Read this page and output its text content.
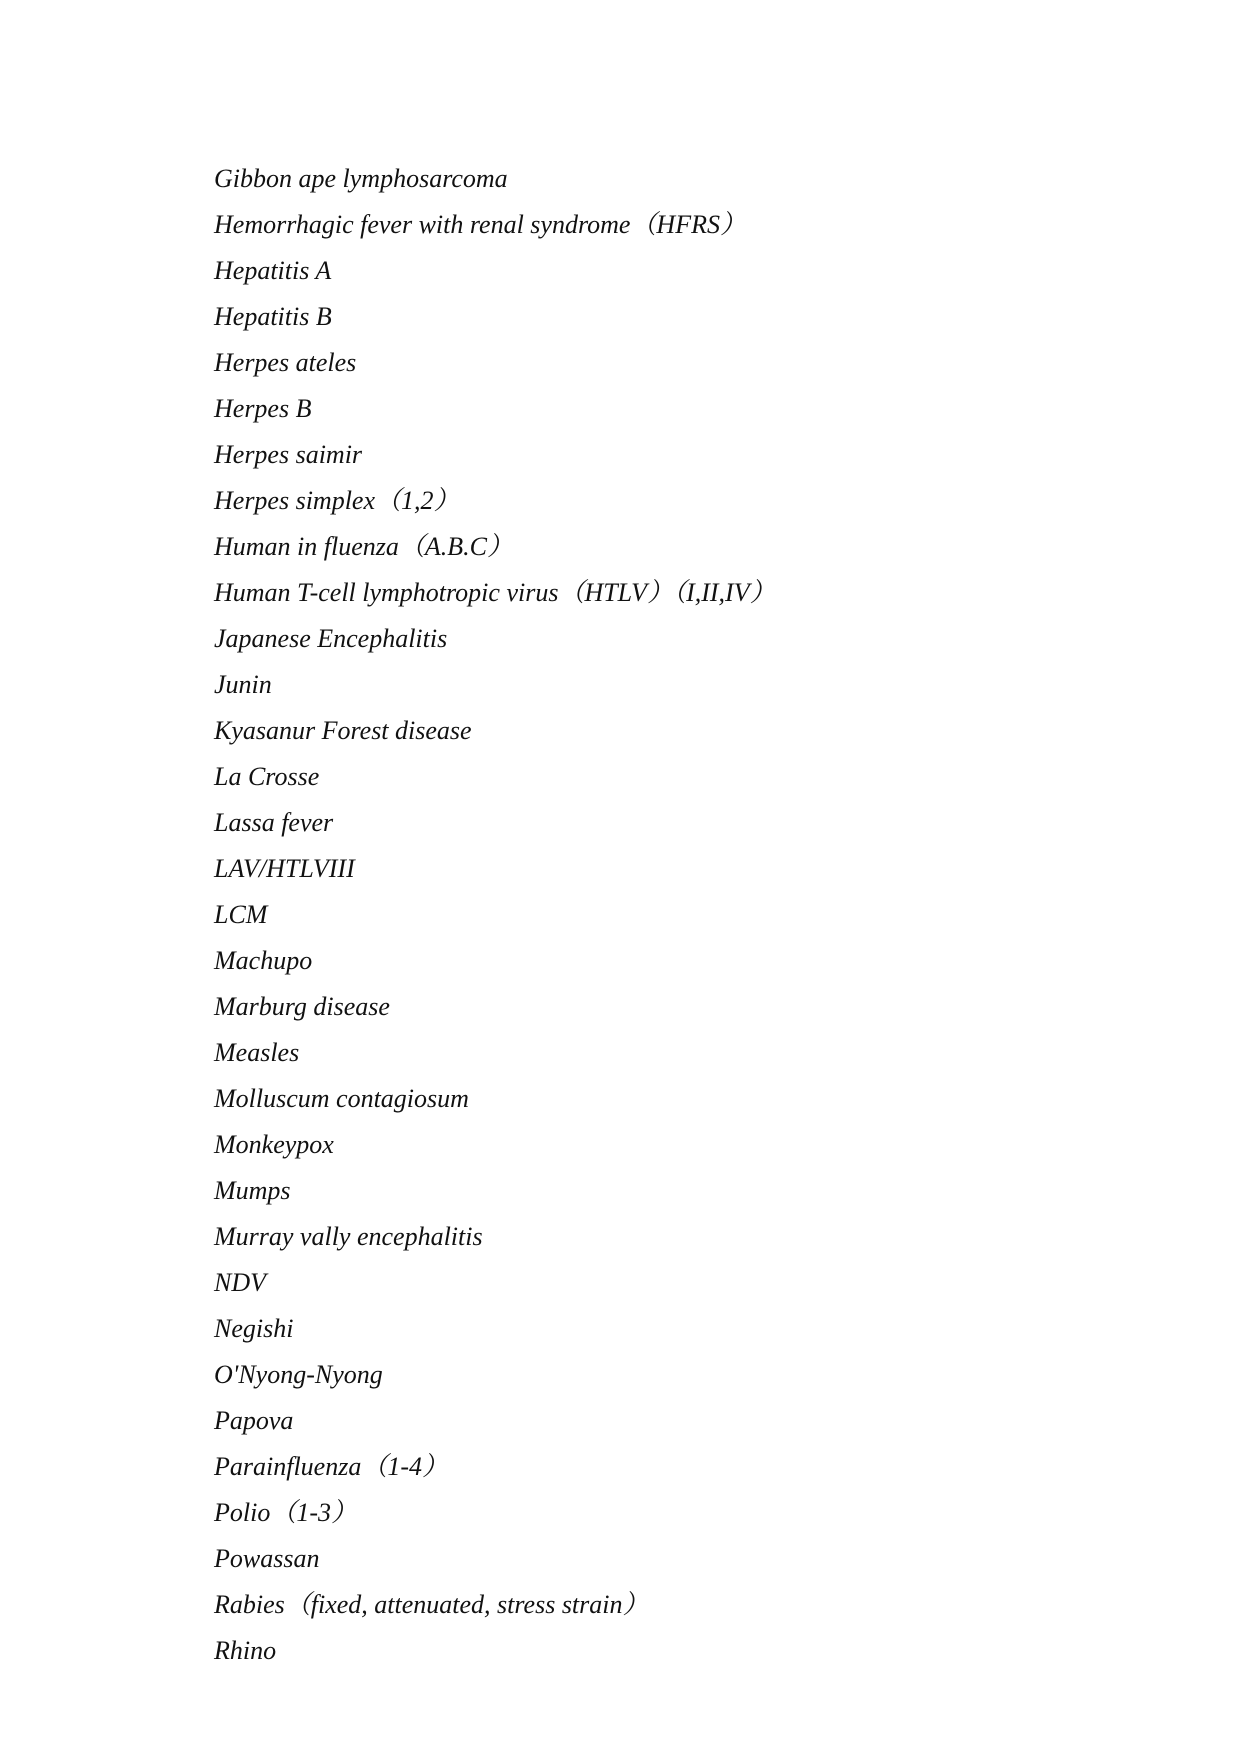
Gibbon ape lymphosarcoma
Hemorrhagic fever with renal syndrome（HFRS）
Hepatitis A
Hepatitis B
Herpes ateles
Herpes B
Herpes saimir
Herpes simplex（1,2）
Human in fluenza（A.B.C）
Human T-cell lymphotropic virus（HTLV）（I,II,IV）
Japanese Encephalitis
Junin
Kyasanur Forest disease
La Crosse
Lassa fever
LAV/HTLVIII
LCM
Machupo
Marburg disease
Measles
Molluscum contagiosum
Monkeypox
Mumps
Murray vally encephalitis
NDV
Negishi
O'Nyong-Nyong
Papova
Parainfluenza（1-4）
Polio（1-3）
Powassan
Rabies（fixed, attenuated, stress strain）
Rhino
